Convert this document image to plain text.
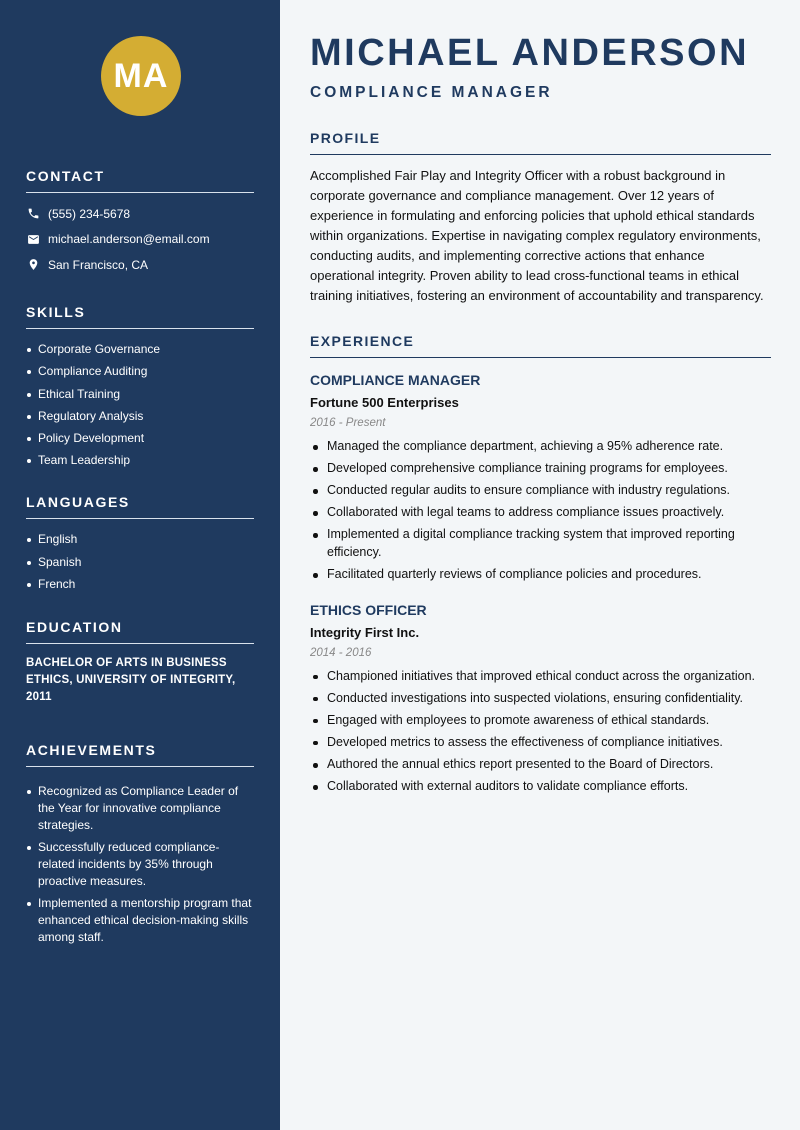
MA
CONTACT
(555) 234-5678
michael.anderson@email.com
San Francisco, CA
SKILLS
Corporate Governance
Compliance Auditing
Ethical Training
Regulatory Analysis
Policy Development
Team Leadership
LANGUAGES
English
Spanish
French
EDUCATION

BACHELOR OF ARTS IN BUSINESS ETHICS, UNIVERSITY OF INTEGRITY, 2011

ACHIEVEMENTS
Recognized as Compliance Leader of the Year for innovative compliance strategies.
Successfully reduced compliance-related incidents by 35% through proactive measures.
Implemented a mentorship program that enhanced ethical decision-making skills among staff.
MICHAEL ANDERSON
COMPLIANCE MANAGER
PROFILE

Accomplished Fair Play and Integrity Officer with a robust background in corporate governance and compliance management. Over 12 years of experience in formulating and enforcing policies that uphold ethical standards within organizations. Expertise in navigating complex regulatory environments, conducting audits, and implementing corrective actions that enhance operational integrity. Proven ability to lead cross-functional teams in ethical training initiatives, fostering an environment of accountability and transparency.

EXPERIENCE
COMPLIANCE MANAGER
Fortune 500 Enterprises
2016 - Present
Managed the compliance department, achieving a 95% adherence rate.
Developed comprehensive compliance training programs for employees.
Conducted regular audits to ensure compliance with industry regulations.
Collaborated with legal teams to address compliance issues proactively.
Implemented a digital compliance tracking system that improved reporting efficiency.
Facilitated quarterly reviews of compliance policies and procedures.
ETHICS OFFICER
Integrity First Inc.
2014 - 2016
Championed initiatives that improved ethical conduct across the organization.
Conducted investigations into suspected violations, ensuring confidentiality.
Engaged with employees to promote awareness of ethical standards.
Developed metrics to assess the effectiveness of compliance initiatives.
Authored the annual ethics report presented to the Board of Directors.
Collaborated with external auditors to validate compliance efforts.
